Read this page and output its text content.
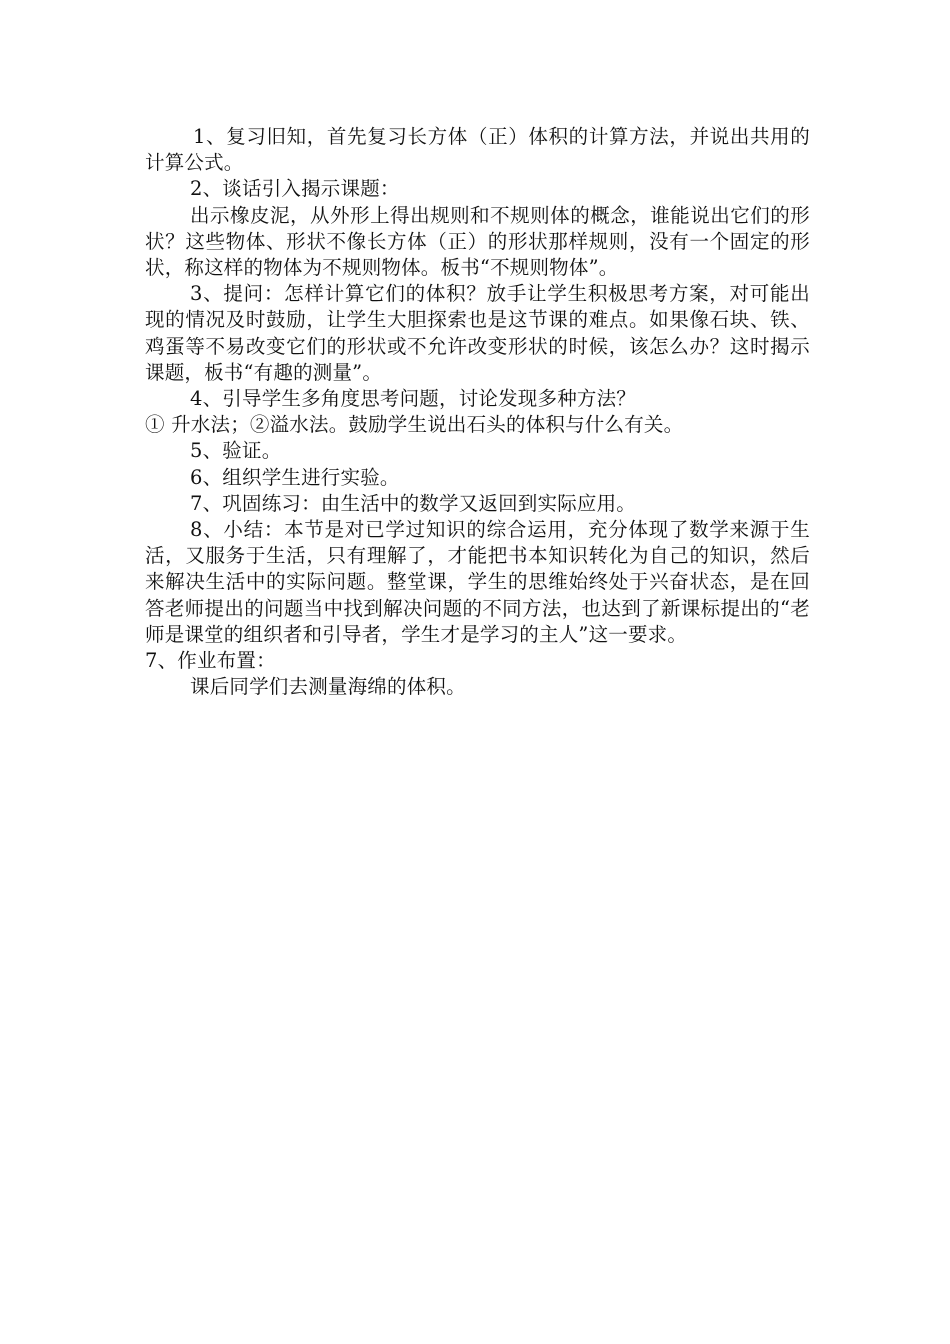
1、复习旧知，首先复习长方体（正）体积的计算方法，并说出共用的计算公式。

2、谈话引入揭示课题：

出示橡皮泥，从外形上得出规则和不规则体的概念，谁能说出它们的形状？这些物体、形状不像长方体（正）的形状那样规则，没有一个固定的形状，称这样的物体为不规则物体。板书“不规则物体”。

3、提问：怎样计算它们的体积？放手让学生积极思考方案，对可能出现的情况及时鼓励，让学生大胆探索也是这节课的难点。如果像石块、铁、鸡蛋等不易改变它们的形状或不允许改变形状的时候，该怎么办？这时揭示课题，板书“有趣的测量”。

4、引导学生多角度思考问题，讨论发现多种方法？

① 升水法；②溢水法。鼓励学生说出石头的体积与什么有关。

5、验证。

6、组织学生进行实验。

7、巩固练习：由生活中的数学又返回到实际应用。

8、小结：本节是对已学过知识的综合运用，充分体现了数学来源于生活，又服务于生活，只有理解了，才能把书本知识转化为自己的知识，然后来解决生活中的实际问题。整堂课，学生的思维始终处于兴奋状态，是在回答老师提出的问题当中找到解决问题的不同方法，也达到了新课标提出的“老师是课堂的组织者和引导者，学生才是学习的主人”这一要求。

7、作业布置：

课后同学们去测量海绵的体积。
